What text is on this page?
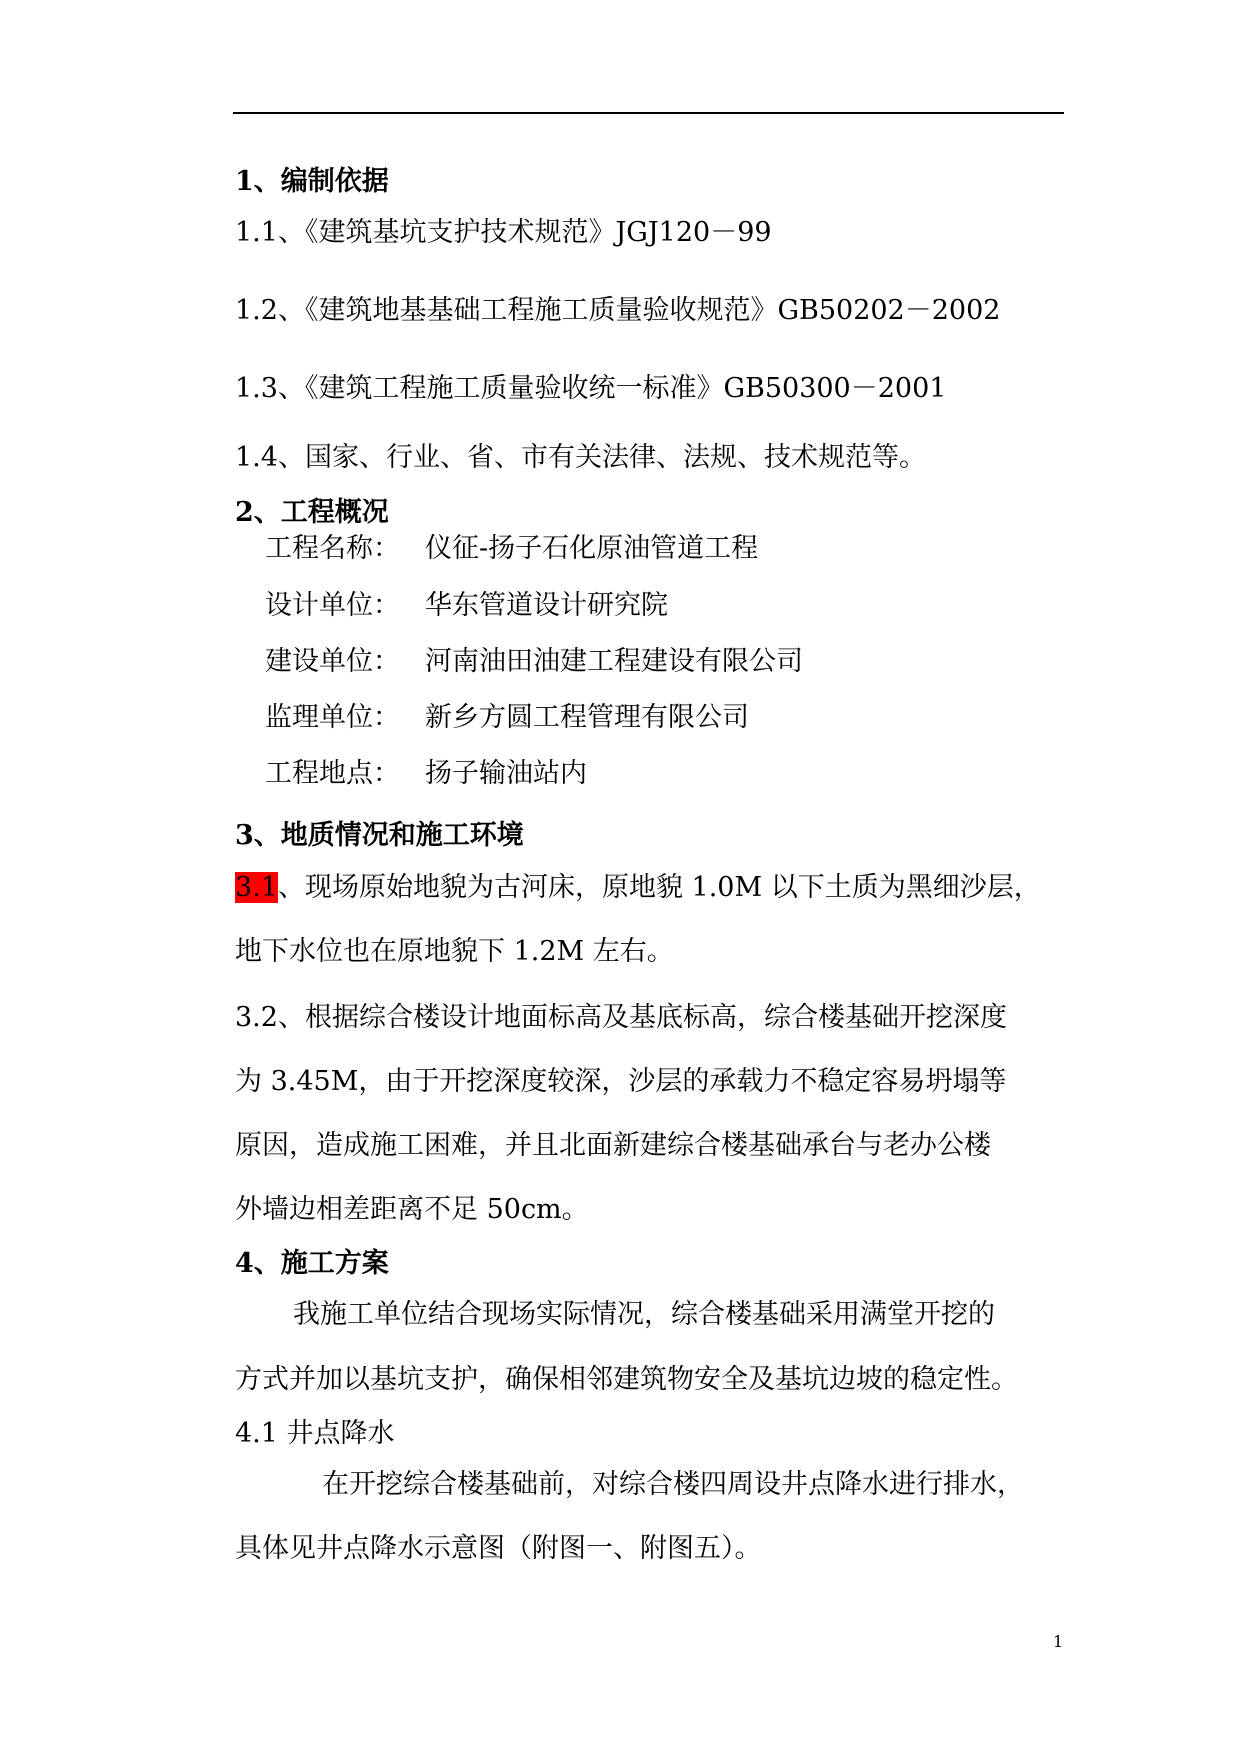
1、编制依据
1.1、《建筑基坑支护技术规范》JGJ120－99
1.2、《建筑地基基础工程施工质量验收规范》GB50202－2002
1.3、《建筑工程施工质量验收统一标准》GB50300－2001
1.4、国家、行业、省、市有关法律、法规、技术规范等。
2、工程概况
工程名称： 仪征-扬子石化原油管道工程
设计单位： 华东管道设计研究院
建设单位： 河南油田油建工程建设有限公司
监理单位： 新乡方圆工程管理有限公司
工程地点： 扬子输油站内
3、地质情况和施工环境
3.1、现场原始地貌为古河床，原地貌 1.0M 以下土质为黑细沙层，
地下水位也在原地貌下 1.2M 左右。
3.2、根据综合楼设计地面标高及基底标高，综合楼基础开挖深度
为 3.45M，由于开挖深度较深，沙层的承载力不稳定容易坍塌等
原因，造成施工困难，并且北面新建综合楼基础承台与老办公楼
外墙边相差距离不足 50cm。
4、施工方案
我施工单位结合现场实际情况，综合楼基础采用满堂开挖的
方式并加以基坑支护，确保相邻建筑物安全及基坑边坡的稳定性。
4.1 井点降水
在开挖综合楼基础前，对综合楼四周设井点降水进行排水，
具体见井点降水示意图（附图一、附图五）。
1
